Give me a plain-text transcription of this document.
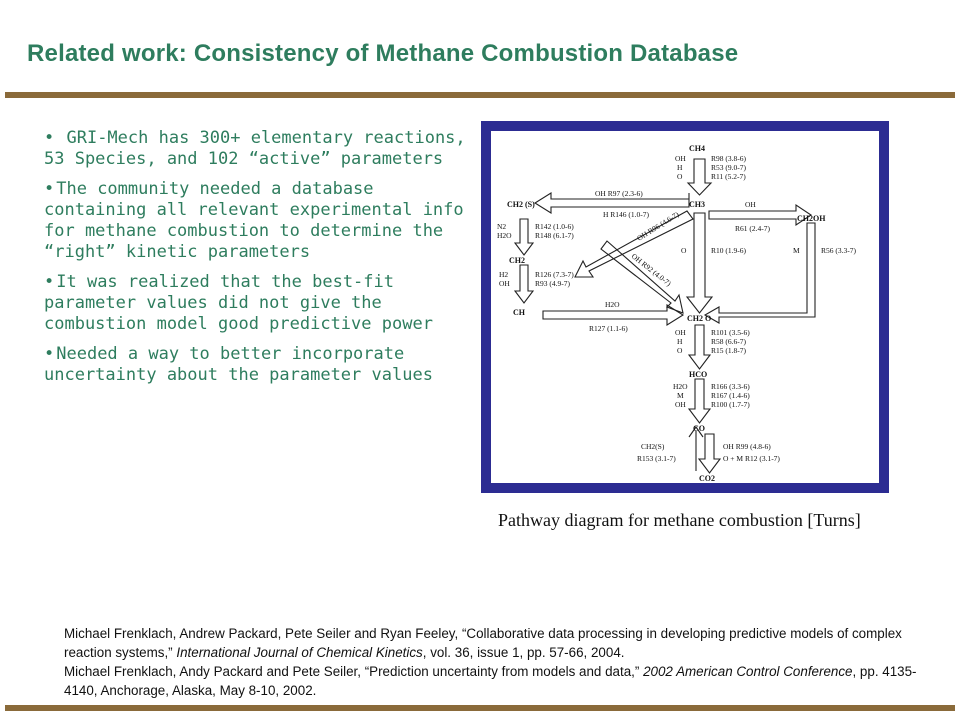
Related work: Consistency of Methane Combustion Database
• GRI-Mech has 300+ elementary reactions, 53 Species, and 102 “active” parameters
• The community needed a database containing all relevant experimental info for methane combustion to determine the “right” kinetic parameters
• It was realized that the best-fit parameter values did not give the combustion model good predictive power
• Needed a way to better incorporate uncertainty about the parameter values
CH4
CH3
CH2 (S)
CH2
CH
CH2OH
CH2 O
HCO
CO
CO2
OH
H
O
R98 (3.8-6)
R53 (9.0-7)
R11 (5.2-7)
OH R97 (2.3-6)
H R146 (1.0-7)
N2
H2O
R142 (1.0-6)
R148 (6.1-7)
H2
OH
R126 (7.3-7)
R93 (4.9-7)
OH R96 (4.6-7)
OH R92 (4.0-7)
H2O
R127 (1.1-6)
OH
R61 (2.4-7)
O	R10 (1.9-6)	M	R56 (3.3-7)
OH
H
O
R101 (3.5-6)
R58 (6.6-7)
R15 (1.8-7)
H2O
M
OH
R166 (3.3-6)
R167 (1.4-6)
R100 (1.7-7)
CH2(S)
R153 (3.1-7)
OH R99 (4.8-6)
O + M R12 (3.1-7)
Pathway diagram for methane combustion [Turns]
Michael Frenklach, Andrew Packard, Pete Seiler and Ryan Feeley, “Collaborative data processing in developing predictive models of complex reaction systems,” International Journal of Chemical Kinetics, vol. 36, issue 1, pp. 57-66, 2004.
Michael Frenklach, Andy Packard and Pete Seiler, “Prediction uncertainty from models and data,” 2002 American Control Conference, pp. 4135-4140, Anchorage, Alaska, May 8-10, 2002.
